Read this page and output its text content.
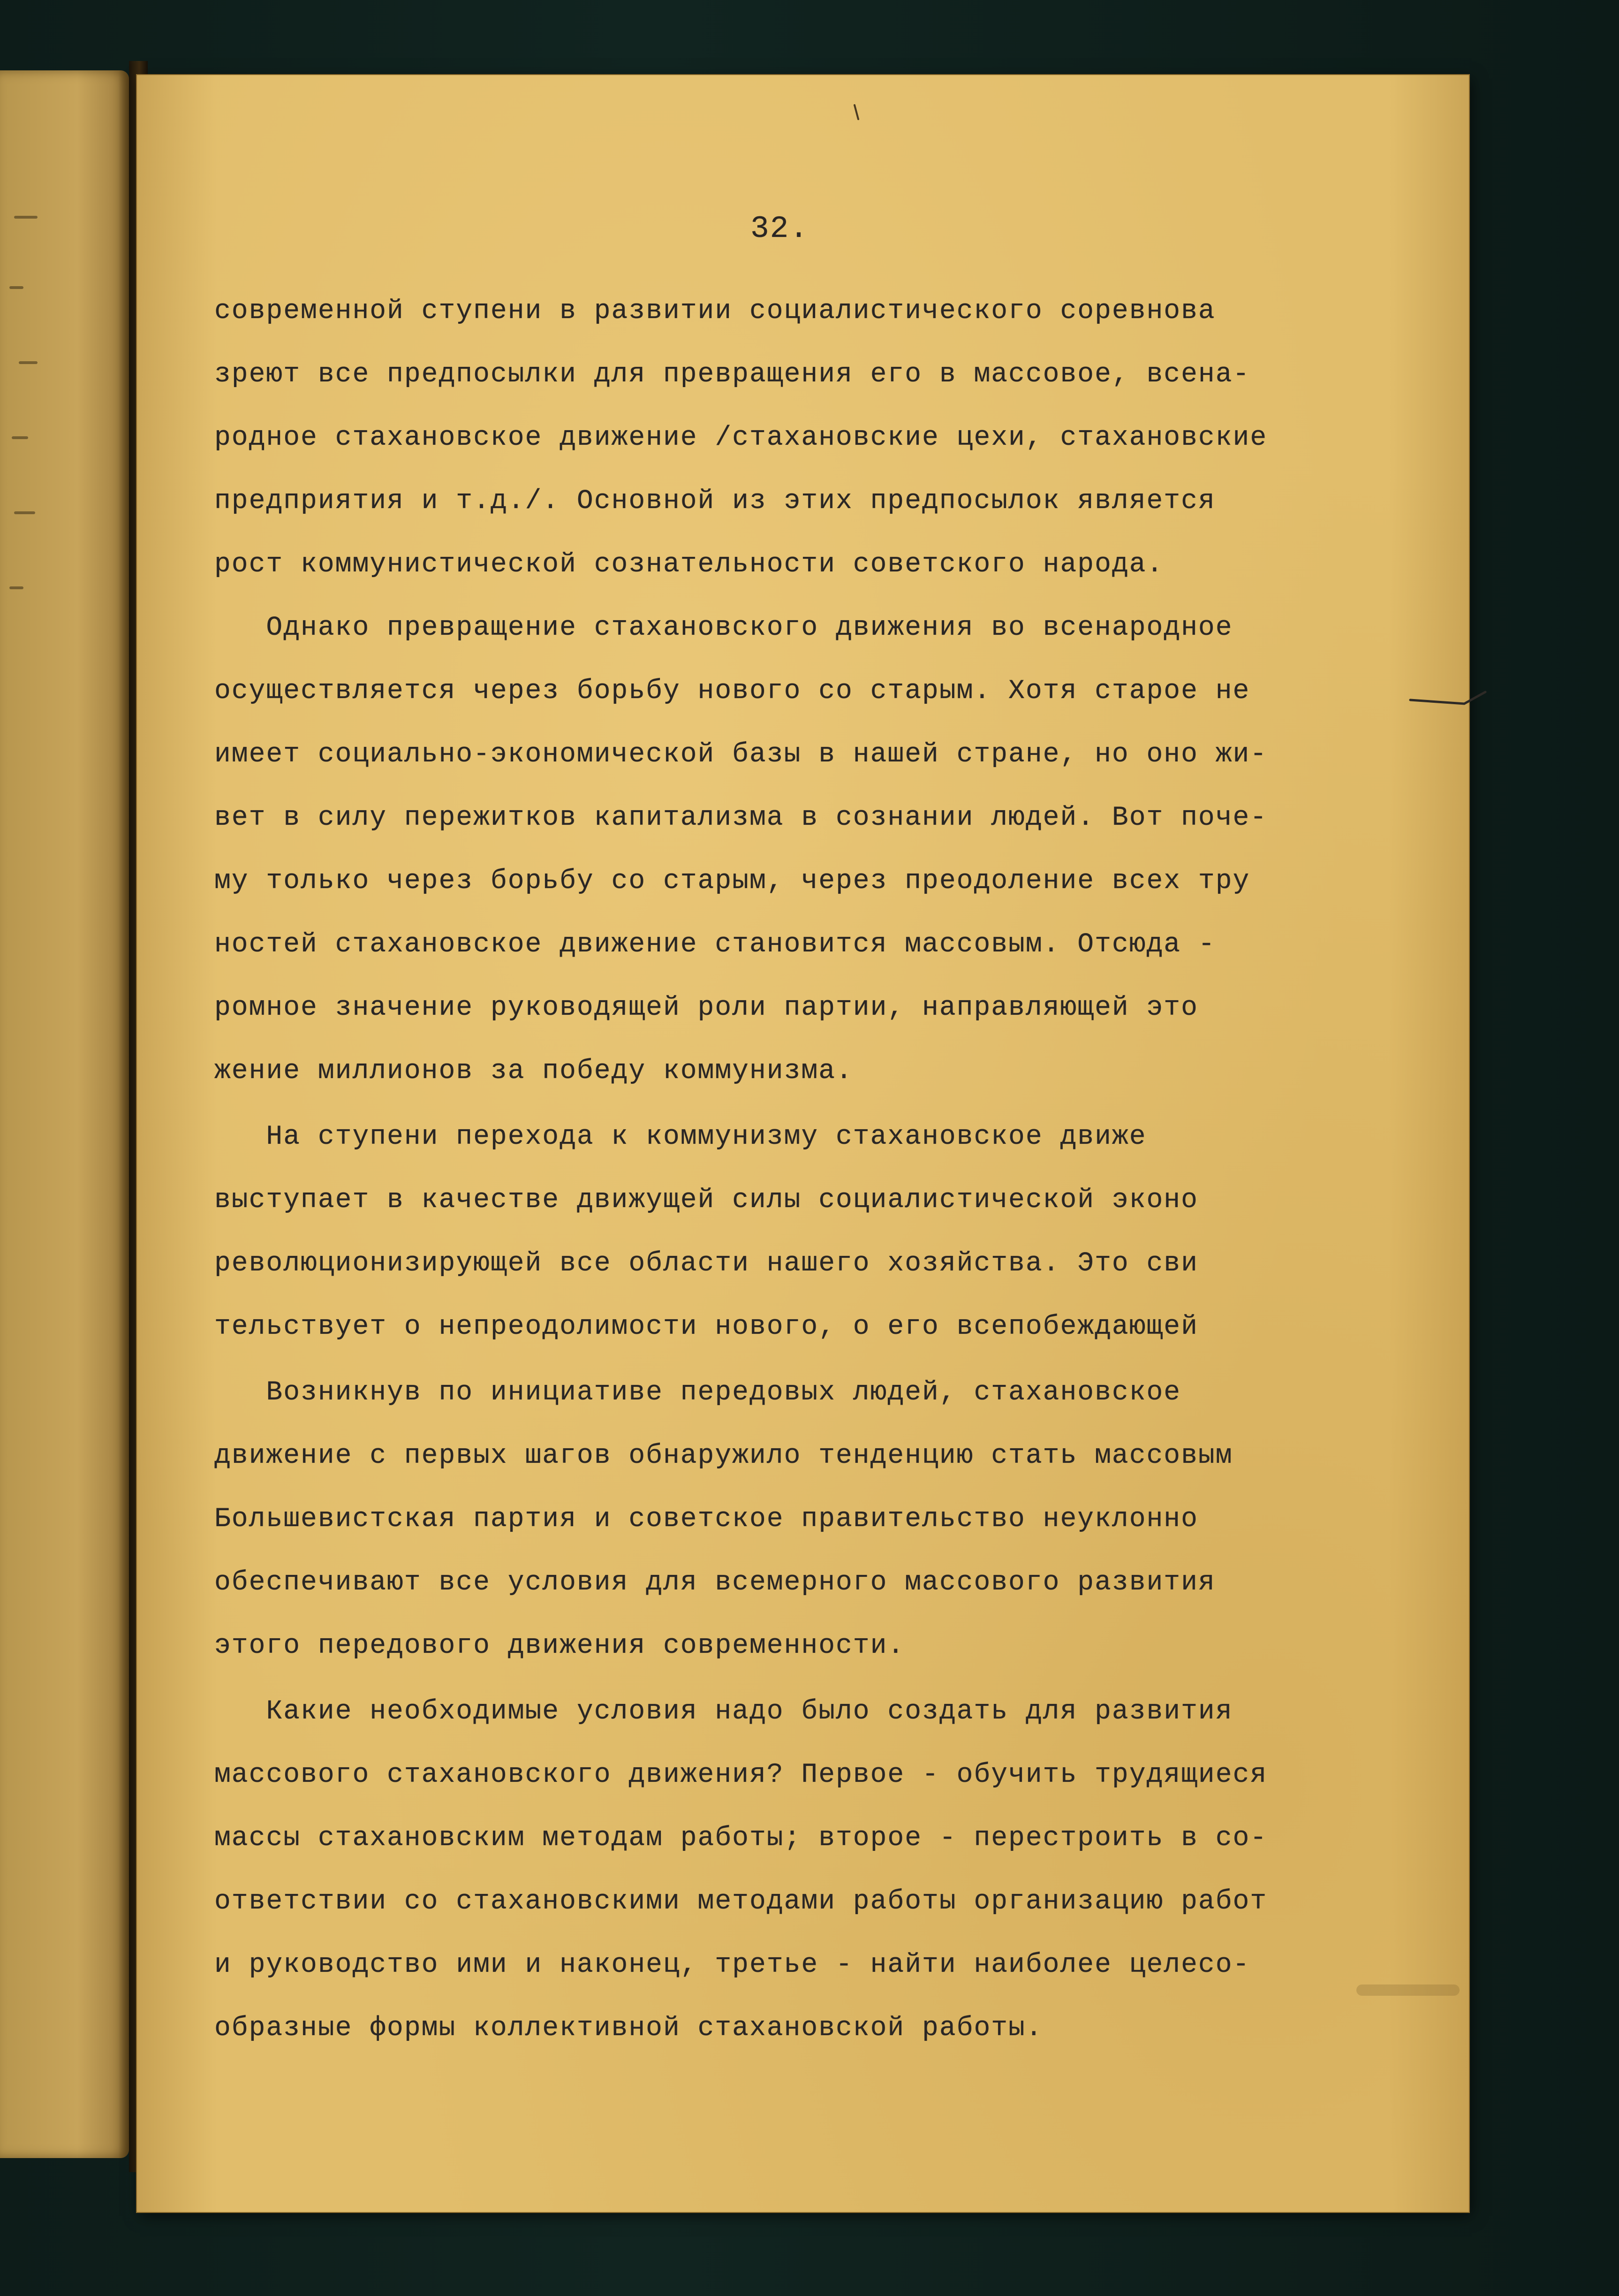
32.
современной ступени в развитии социалистического соревнова
зреют все предпосылки для превращения его в массовое, всена-
родное стахановское движение /стахановские цехи, стахановские
предприятия и т.д./. Основной из этих предпосылок является
рост коммунистической сознательности советского народа.
Однако превращение стахановского движения во всенародное
осуществляется через борьбу нового со старым. Хотя старое не
имеет социально-экономической базы в нашей стране, но оно жи-
вет в силу пережитков капитализма в сознании людей. Вот поче-
му только через борьбу со старым, через преодоление всех тру
ностей стахановское движение становится массовым. Отсюда -
ромное значение руководящей роли партии, направляющей это
жение миллионов за победу коммунизма.
На ступени перехода к коммунизму стахановское движе
выступает в качестве движущей силы социалистической эконо
революционизирующей все области нашего хозяйства. Это сви
тельствует о непреодолимости нового, о его всепобеждающей
Возникнув по инициативе передовых людей, стахановское
движение с первых шагов обнаружило тенденцию стать массовым
Большевистская партия и советское правительство неуклонно
обеспечивают все условия для всемерного массового развития
этого передового движения современности.
Какие необходимые условия надо было создать для развития
массового стахановского движения? Первое - обучить трудящиеся
массы стахановским методам работы; второе - перестроить в со-
ответствии со стахановскими методами работы организацию работ
и руководство ими и наконец, третье - найти наиболее целесо-
образные формы коллективной стахановской работы.
